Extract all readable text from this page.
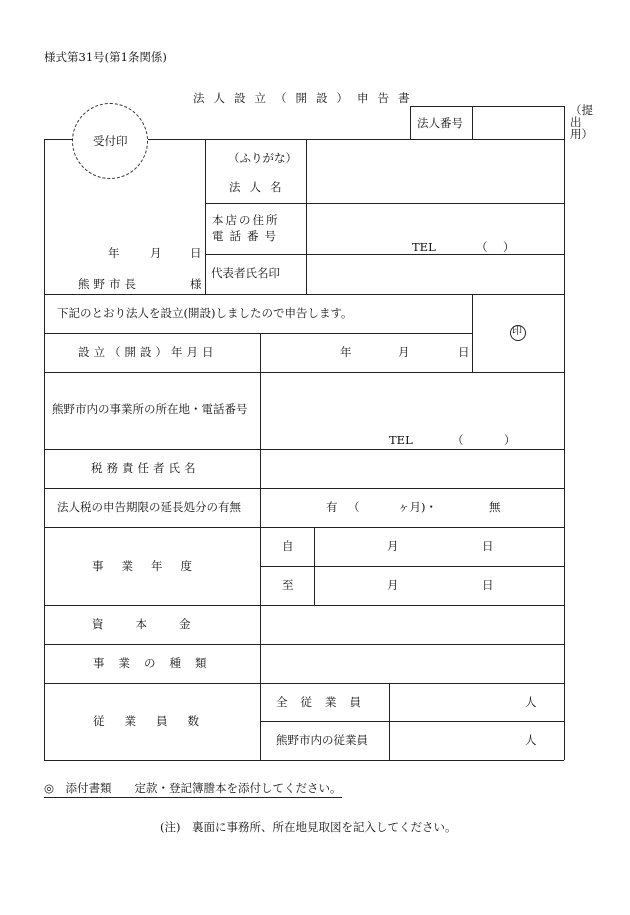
様式第31号(第1条関係)
法人設立（開設）申告書
法人番号
（提出用）
受付印
年	月 日
熊野市長	様
（ふりがな）
法人名
本店の住所
電話番号
TEL	（ ）
代表者氏名印
下記のとおり法人を設立(開設)しましたので申告します。
印
設立（開設）年月日	年	月	日
熊野市内の事業所の所在地・電話番号
TEL	（	）
税務責任者氏名
法人税の申告期限の延長処分の有無	有 （	ヶ月)・	無
事業年度
自	月	日
至	月	日
資本金
事業の種類
従業員数
全従業員	人
熊野市内の従業員	人
◎　添付書類　　定款・登記簿謄本を添付してください。
(注)　裏面に事務所、所在地見取図を記入してください。
